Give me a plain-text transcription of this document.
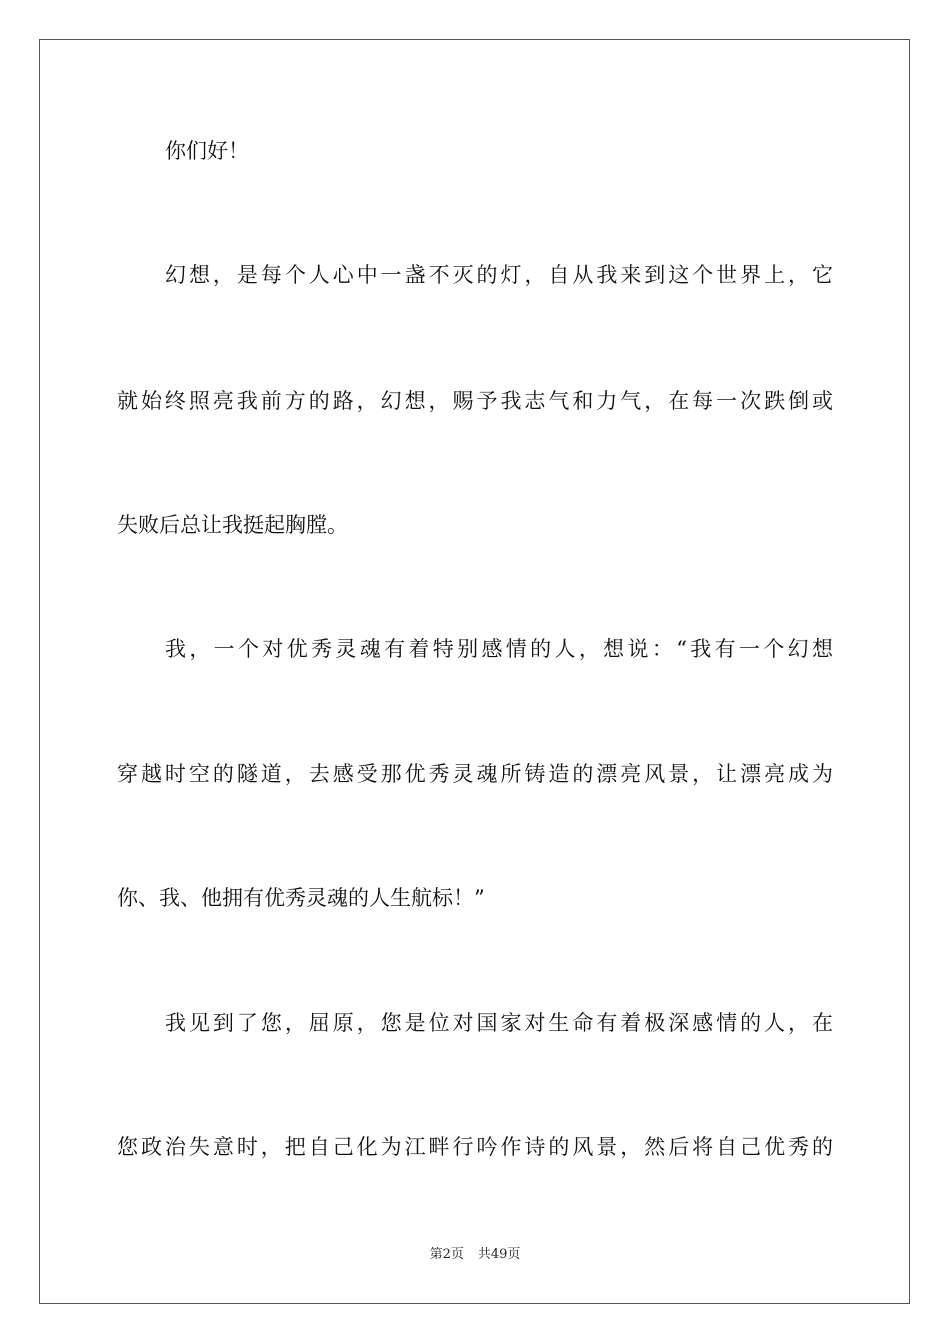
你们好！
幻想，是每个人心中一盏不灭的灯，自从我来到这个世界上，它
就始终照亮我前方的路，幻想，赐予我志气和力气，在每一次跌倒或
失败后总让我挺起胸膛。
我，一个对优秀灵魂有着特别感情的人，想说：“我有一个幻想
穿越时空的隧道，去感受那优秀灵魂所铸造的漂亮风景，让漂亮成为
你、我、他拥有优秀灵魂的人生航标！”
我见到了您，屈原，您是位对国家对生命有着极深感情的人，在
您政治失意时，把自己化为江畔行吟作诗的风景，然后将自己优秀的
第2页 共49页
